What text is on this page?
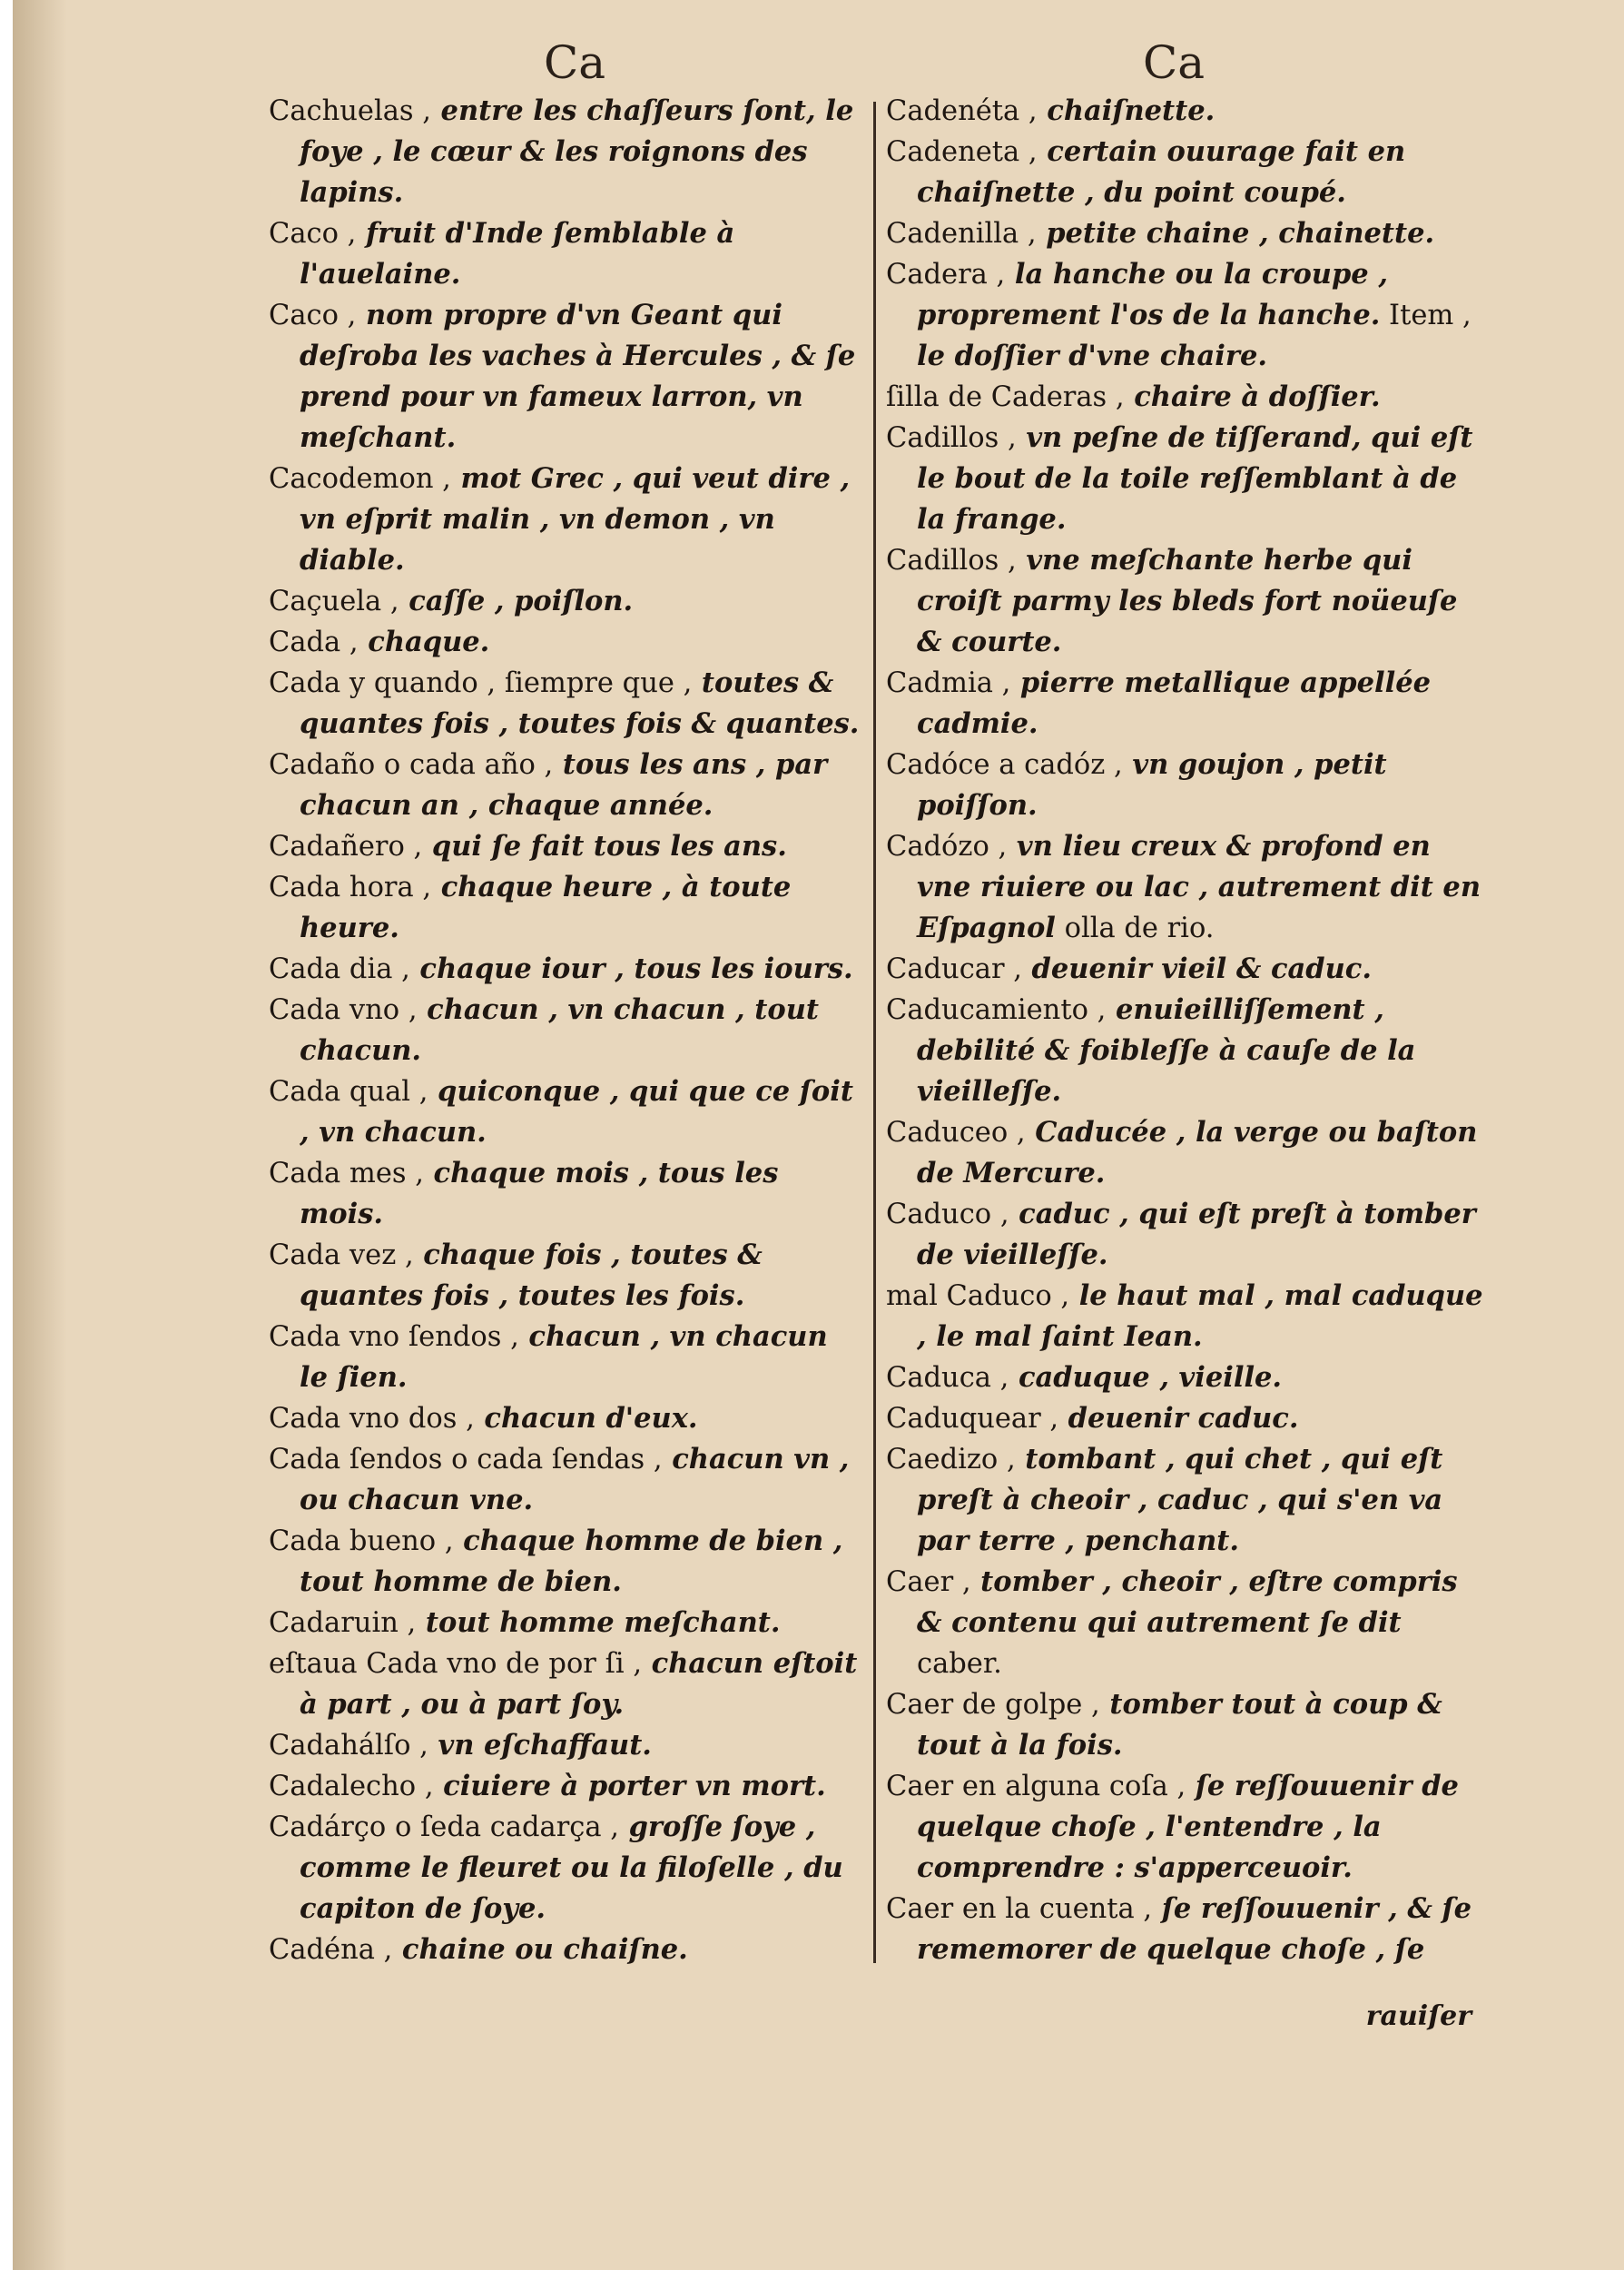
Ca	Ca

Cachuelas , entre les chaſſeurs ſont, le foye , le cœur & les roignons des lapins.

Caco , fruit d'Inde ſemblable à l'auelaine.

Caco , nom propre d'vn Geant qui deſroba les vaches à Hercules , & ſe prend pour vn fameux larron, vn meſchant.

Cacodemon , mot Grec , qui veut dire , vn eſprit malin , vn demon , vn diable.

Caçuela , caſſe , poiſlon.

Cada , chaque.

Cada y quando , ſiempre que , toutes & quantes fois , toutes fois & quantes.

Cadaño o cada año , tous les ans , par chacun an , chaque année.

Cadañero , qui ſe fait tous les ans.

Cada hora , chaque heure , à toute heure.

Cada dia , chaque iour , tous les iours.

Cada vno , chacun , vn chacun , tout chacun.

Cada qual , quiconque , qui que ce ſoit , vn chacun.

Cada mes , chaque mois , tous les mois.

Cada vez , chaque fois , toutes & quantes fois , toutes les fois.

Cada vno ſendos , chacun , vn chacun le ſien.

Cada vno dos , chacun d'eux.

Cada ſendos o cada ſendas , chacun vn , ou chacun vne.

Cada bueno , chaque homme de bien , tout homme de bien.

Cadaruin , tout homme meſchant.

eſtaua Cada vno de por ſi , chacun eſtoit à part , ou à part ſoy.

Cadahálſo , vn eſchaffaut.

Cadalecho , ciuiere à porter vn mort.

Cadárço o ſeda cadarça , groſſe ſoye , comme le fleuret ou la filoſelle , du capiton de ſoye.

Cadéna , chaine ou chaiſne.

Cadenéta , chaiſnette.

Cadeneta , certain ouurage fait en chaiſnette , du point coupé.

Cadenilla , petite chaine , chainette.

Cadera , la hanche ou la croupe , proprement l'os de la hanche. Item , le doſſier d'vne chaire.

ſilla de Caderas , chaire à doſſier.

Cadillos , vn peſne de tiſſerand, qui eſt le bout de la toile reſſemblant à de la frange.

Cadillos , vne meſchante herbe qui croiſt parmy les bleds fort noüeuſe & courte.

Cadmia , pierre metallique appellée cadmie.

Cadóce a cadóz , vn goujon , petit poiſſon.

Cadózo , vn lieu creux & profond en vne riuiere ou lac , autrement dit en Eſpagnol olla de rio.

Caducar , deuenir vieil & caduc.

Caducamiento , enuieilliſſement , debilité & foibleſſe à cauſe de la vieilleſſe.

Caduceo , Caducée , la verge ou baſton de Mercure.

Caduco , caduc , qui eſt preſt à tomber de vieilleſſe.

mal Caduco , le haut mal , mal caduque , le mal ſaint Iean.

Caduca , caduque , vieille.

Caduquear , deuenir caduc.

Caedizo , tombant , qui chet , qui eſt preſt à cheoir , caduc , qui s'en va par terre , penchant.

Caer , tomber , cheoir , eſtre compris & contenu qui autrement ſe dit caber.

Caer de golpe , tomber tout à coup & tout à la fois.

Caer en alguna coſa , ſe reſſouuenir de quelque choſe , l'entendre , la comprendre : s'apperceuoir.

Caer en la cuenta , ſe reſſouuenir , & ſe rememorer de quelque choſe , ſe

rauiſer
